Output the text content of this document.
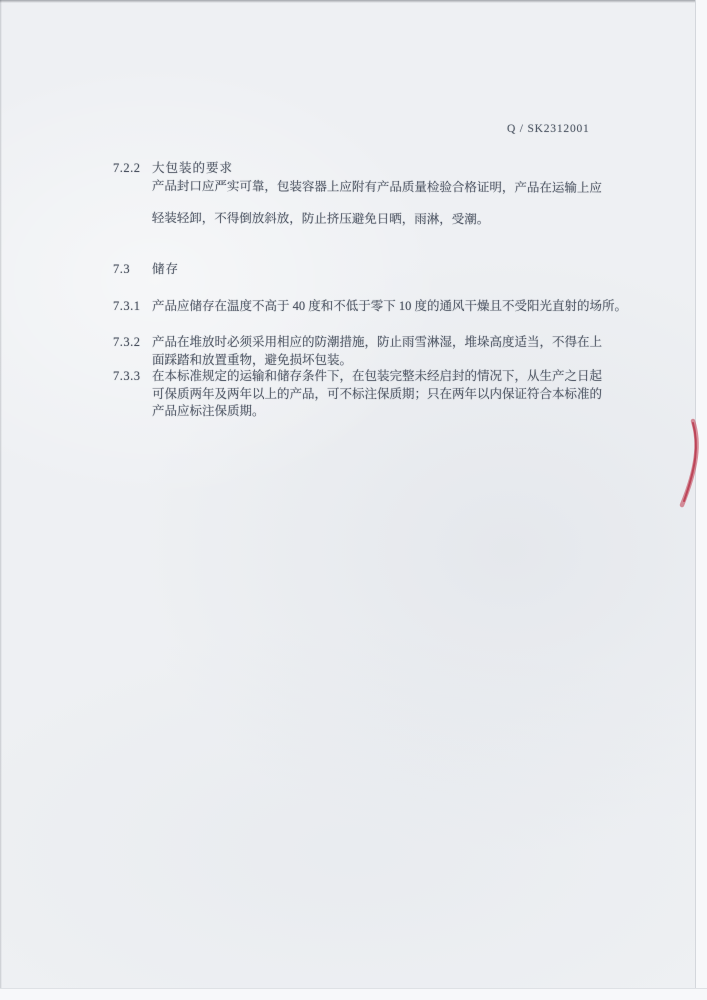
Q / SK2312001
7.2.2 大包装的要求

产品封口应严实可靠，包装容器上应附有产品质量检验合格证明，产品在运输上应轻装轻卸，不得倒放斜放，防止挤压避免日晒，雨淋，受潮。

7.3	储存
7.3.1 产品应储存在温度不高于 40 度和不低于零下 10 度的通风干燥且不受阳光直射的场所。

7.3.2 产品在堆放时必须采用相应的防潮措施，防止雨雪淋湿，堆垛高度适当，不得在上面踩踏和放置重物，避免损坏包装。

7.3.3 在本标准规定的运输和储存条件下，在包装完整未经启封的情况下，从生产之日起可保质两年及两年以上的产品，可不标注保质期；只在两年以内保证符合本标准的产品应标注保质期。
